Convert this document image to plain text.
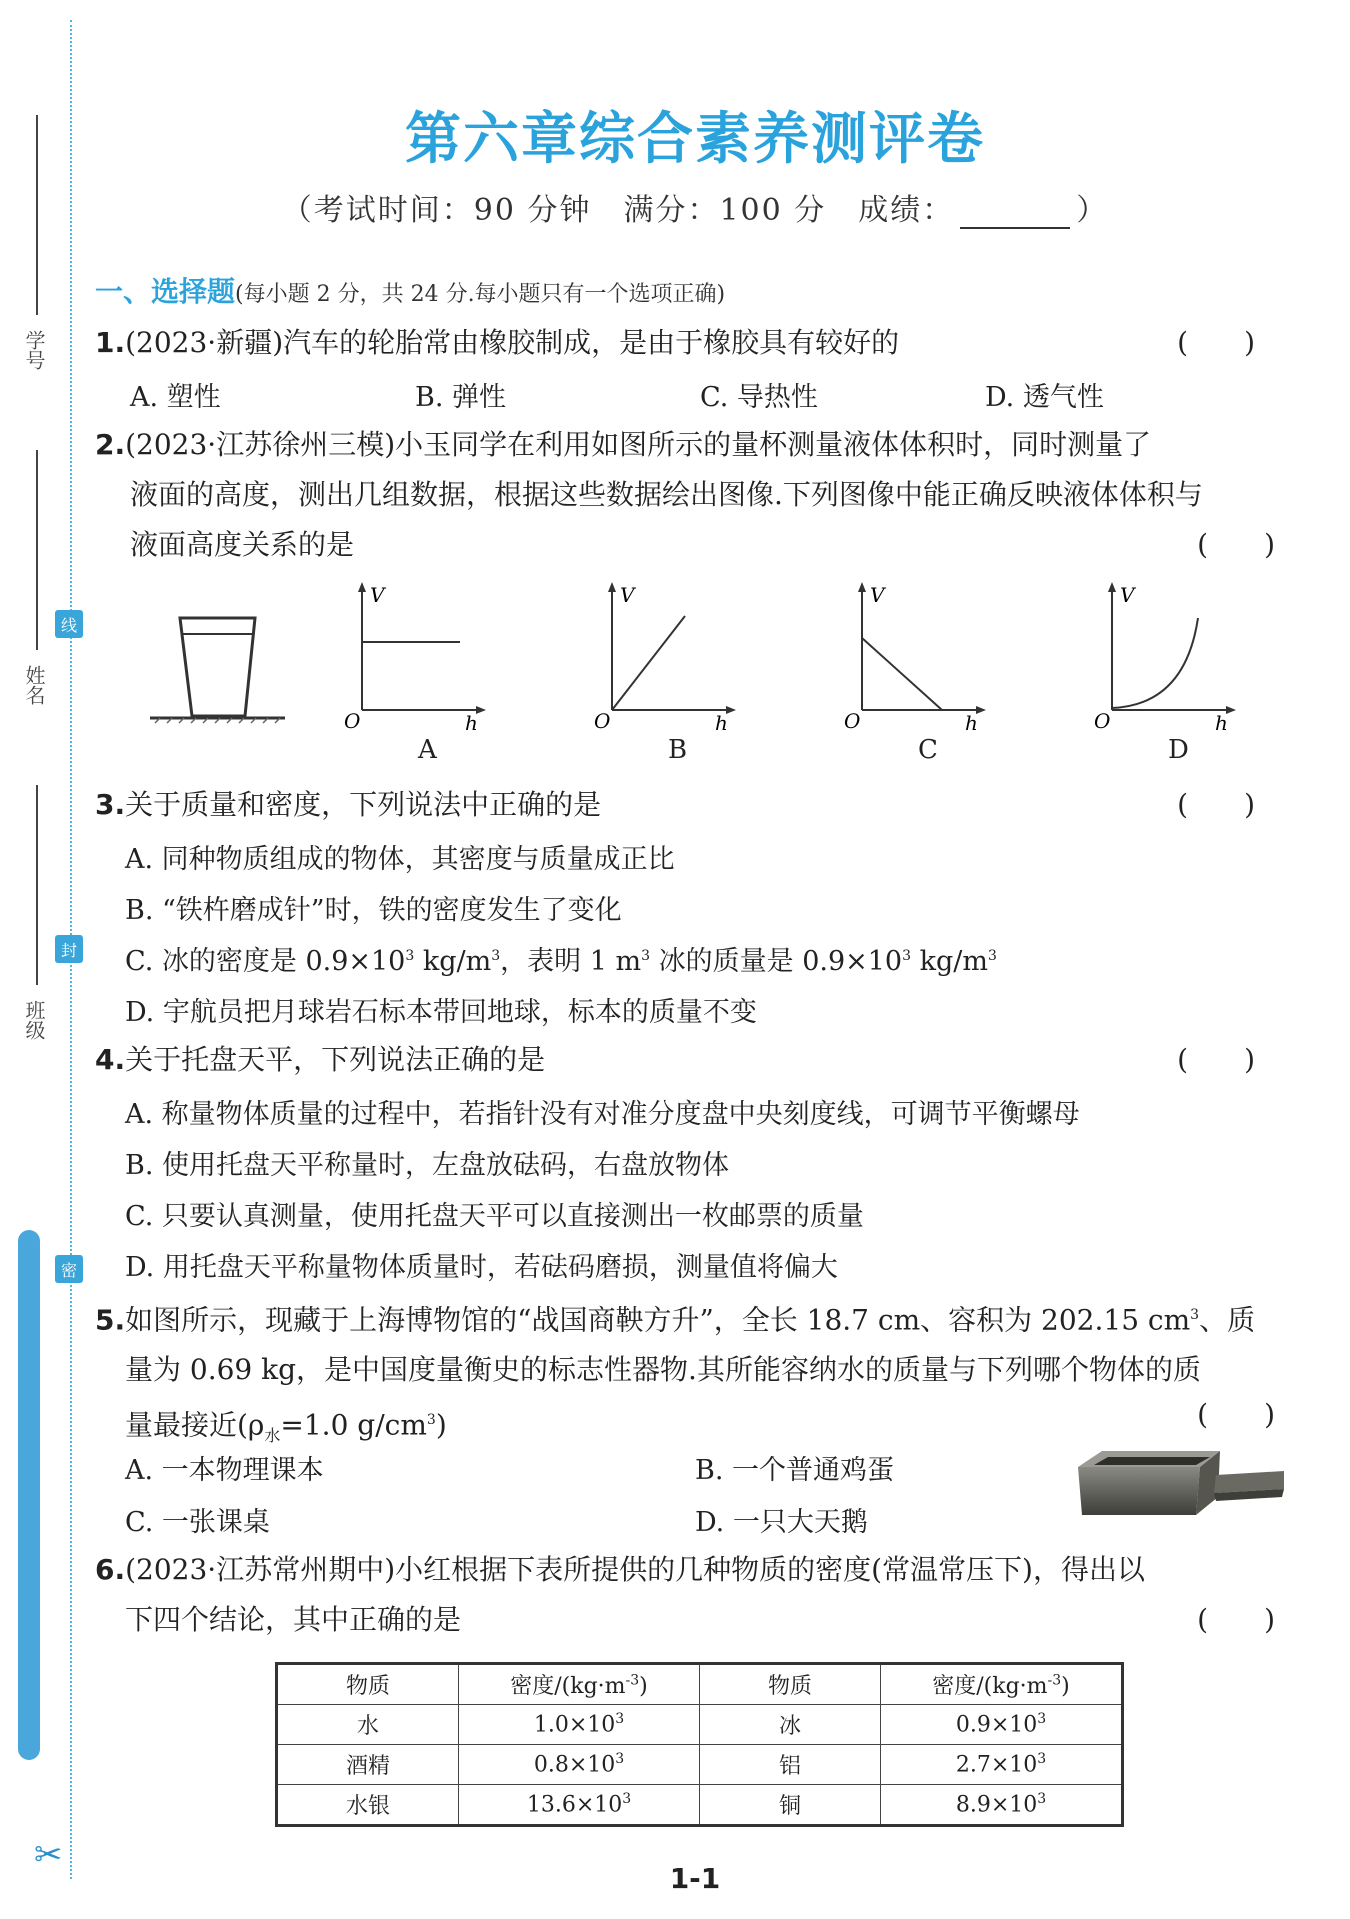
学号
姓名
班级
线
封
密
✂
第六章综合素养测评卷
（考试时间：90 分钟　满分：100 分　成绩：	）
一、选择题(每小题 2 分，共 24 分.每小题只有一个选项正确)
1.(2023·新疆)汽车的轮胎常由橡胶制成，是由于橡胶具有较好的	(　　)
A. 塑性	B. 弹性	C. 导热性	D. 透气性
2.(2023·江苏徐州三模)小玉同学在利用如图所示的量杯测量液体体积时，同时测量了
液面的高度，测出几组数据，根据这些数据绘出图像.下列图像中能正确反映液体体积与
液面高度关系的是	(　　)
V
O	h
A
V
O	h
B
V
O	h
C
V
O	h
D
3.关于质量和密度，下列说法中正确的是	(　　)
A. 同种物质组成的物体，其密度与质量成正比
B. “铁杵磨成针”时，铁的密度发生了变化
C. 冰的密度是 $0.9\times 10^3$ $kg/m^3$，表明 1 $m^3$ 冰的质量是 $0.9\times 10^3$ $kg/m^3$
D. 宇航员把月球岩石标本带回地球，标本的质量不变
4.关于托盘天平，下列说法正确的是	(　　)
A. 称量物体质量的过程中，若指针没有对准分度盘中央刻度线，可调节平衡螺母
B. 使用托盘天平称量时，左盘放砝码，右盘放物体
C. 只要认真测量，使用托盘天平可以直接测出一枚邮票的质量
D. 用托盘天平称量物体质量时，若砝码磨损，测量值将偏大
5.如图所示，现藏于上海博物馆的“战国商鞅方升”，全长 18.7 cm、容积为 202.15 $cm^3$、质
量为 0.69 kg，是中国度量衡史的标志性器物.其所能容纳水的质量与下列哪个物体的质
量最接近($\rho_水=1.0$ $g/cm^3$)	(　　)
A. 一本物理课本	B. 一个普通鸡蛋
C. 一张课桌	D. 一只大天鹅
6.(2023·江苏常州期中)小红根据下表所提供的几种物质的密度(常温常压下)，得出以
下四个结论，其中正确的是	(　　)
物质	密度$/(kg\cdot m^{-3})$	物质	密度$/(kg\cdot m^{-3})$
水	$1.0\times 10^3$	冰	$0.9\times 10^3$
酒精	$0.8\times 10^3$	铝	$2.7\times 10^3$
水银	$13.6\times 10^3$	铜	$8.9\times 10^3$
1-1
